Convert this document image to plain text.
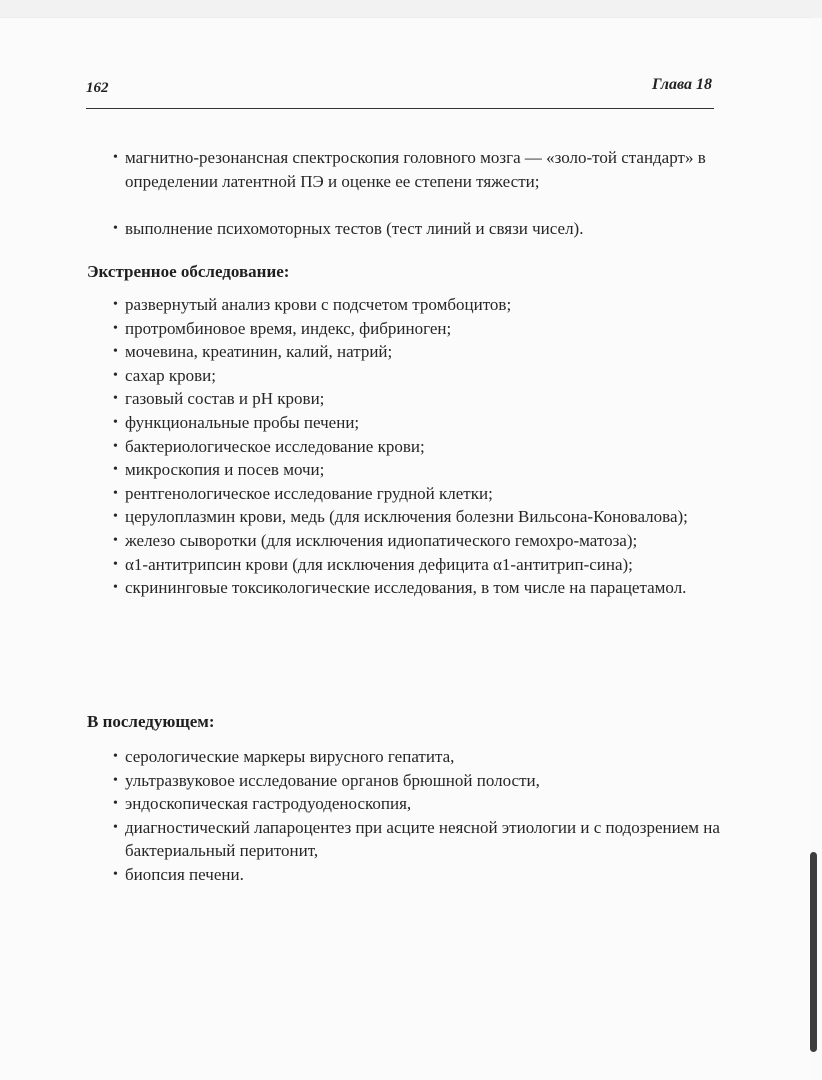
162	Глава 18
• магнитно-резонансная спектроскопия головного мозга — «золо-той стандарт» в определении латентной ПЭ и оценке ее степени тяжести;
• выполнение психомоторных тестов (тест линий и связи чисел).
Экстренное обследование:
• развернутый анализ крови с подсчетом тромбоцитов;
• протромбиновое время, индекс, фибриноген;
• мочевина, креатинин, калий, натрий;
• сахар крови;
• газовый состав и рН крови;
• функциональные пробы печени;
• бактериологическое исследование крови;
• микроскопия и посев мочи;
• рентгенологическое исследование грудной клетки;
• церулоплазмин крови, медь (для исключения болезни Вильсона-Коновалова);
• железо сыворотки (для исключения идиопатического гемохро-матоза);
• α1-антитрипсин крови (для исключения дефицита α1-антитрип-сина);
• скрининговые токсикологические исследования, в том числе на парацетамол.
В последующем:
• серологические маркеры вирусного гепатита,
• ультразвуковое исследование органов брюшной полости,
• эндоскопическая гастродуоденоскопия,
• диагностический лапароцентез при асците неясной этиологии и с подозрением на бактериальный перитонит,
• биопсия печени.
